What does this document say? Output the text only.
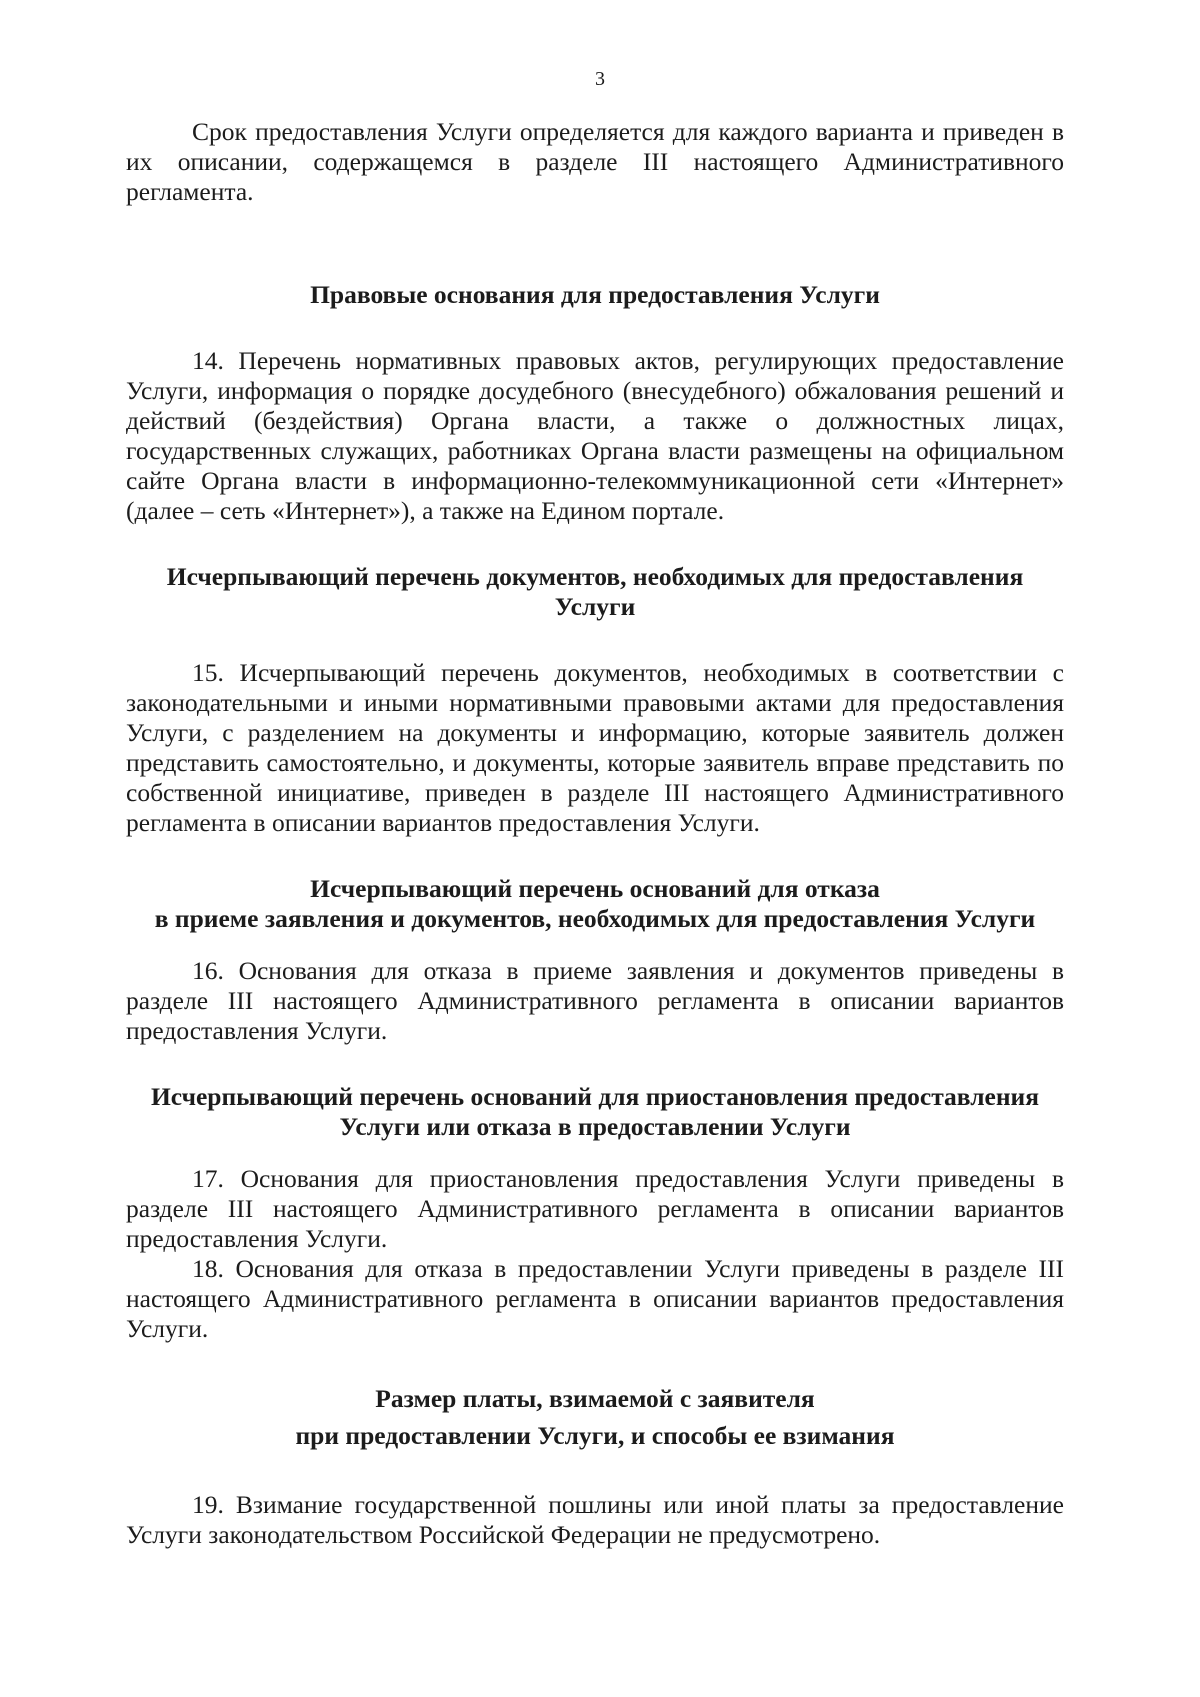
3

Срок предоставления Услуги определяется для каждого варианта и приведен в их описании, содержащемся в разделе III настоящего Административного регламента.

Правовые основания для предоставления Услуги

14. Перечень нормативных правовых актов, регулирующих предоставление Услуги, информация о порядке досудебного (внесудебного) обжалования решений и действий (бездействия) Органа власти, а также о должностных лицах, государственных служащих, работниках Органа власти размещены на официальном сайте Органа власти в информационно-телекоммуникационной сети «Интернет» (далее – сеть «Интернет»), а также на Едином портале.

Исчерпывающий перечень документов, необходимых для предоставления
Услуги

15. Исчерпывающий перечень документов, необходимых в соответствии с законодательными и иными нормативными правовыми актами для предоставления Услуги, с разделением на документы и информацию, которые заявитель должен представить самостоятельно, и документы, которые заявитель вправе представить по собственной инициативе, приведен в разделе III настоящего Административного регламента в описании вариантов предоставления Услуги.

Исчерпывающий перечень оснований для отказа
в приеме заявления и документов, необходимых для предоставления Услуги

16. Основания для отказа в приеме заявления и документов приведены в разделе III настоящего Административного регламента в описании вариантов предоставления Услуги.

Исчерпывающий перечень оснований для приостановления предоставления
Услуги или отказа в предоставлении Услуги

17. Основания для приостановления предоставления Услуги приведены в разделе III настоящего Административного регламента в описании вариантов предоставления Услуги.

18. Основания для отказа в предоставлении Услуги приведены в разделе III настоящего Административного регламента в описании вариантов предоставления Услуги.

Размер платы, взимаемой с заявителя
при предоставлении Услуги, и способы ее взимания

19. Взимание государственной пошлины или иной платы за предоставление Услуги законодательством Российской Федерации не предусмотрено.
